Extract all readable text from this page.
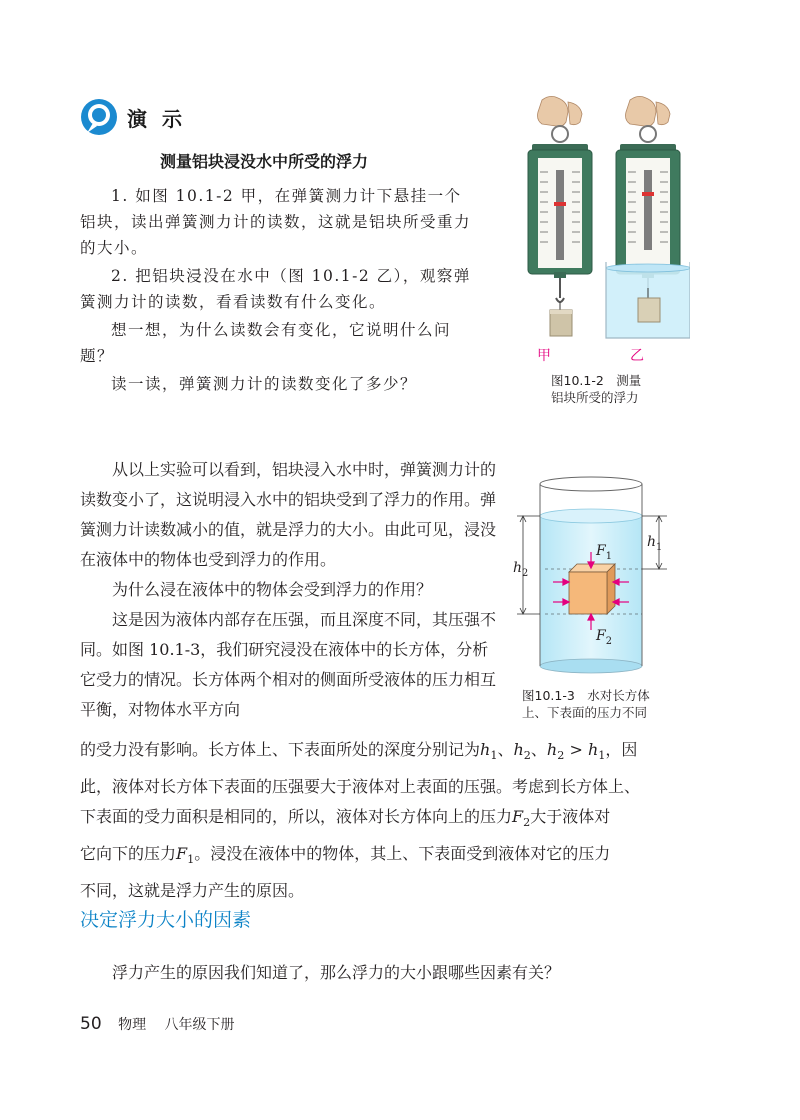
演 示
测量铝块浸没水中所受的浮力

1. 如图 10.1-2 甲，在弹簧测力计下悬挂一个铝块，读出弹簧测力计的读数，这就是铝块所受重力的大小。

2. 把铝块浸没在水中（图 10.1-2 乙），观察弹簧测力计的读数，看看读数有什么变化。

想一想，为什么读数会有变化，它说明什么问题？

读一读，弹簧测力计的读数变化了多少？

甲	乙
图10.1-2　测量
铝块所受的浮力

从以上实验可以看到，铝块浸入水中时，弹簧测力计的读数变小了，这说明浸入水中的铝块受到了浮力的作用。弹簧测力计读数减小的值，就是浮力的大小。由此可见，浸没在液体中的物体也受到浮力的作用。

为什么浸在液体中的物体会受到浮力的作用？

这是因为液体内部存在压强，而且深度不同，其压强不同。如图 10.1-3，我们研究浸没在液体中的长方体，分析它受力的情况。长方体两个相对的侧面所受液体的压力相互平衡，对物体水平方向

$h_1$
$h_2$
$F_1$
$F_2$
图10.1-3　水对长方体
上、下表面的压力不同

的受力没有影响。长方体上、下表面所处的深度分别记为$h_1$、$h_2$、$h_2 > h_1$，因

此，液体对长方体下表面的压强要大于液体对上表面的压强。考虑到长方体上、

下表面的受力面积是相同的，所以，液体对长方体向上的压力$F_2$大于液体对

它向下的压力$F_1$。浸没在液体中的物体，其上、下表面受到液体对它的压力

不同，这就是浮力产生的原因。

决定浮力大小的因素

浮力产生的原因我们知道了，那么浮力的大小跟哪些因素有关？

50 物理 八年级下册
